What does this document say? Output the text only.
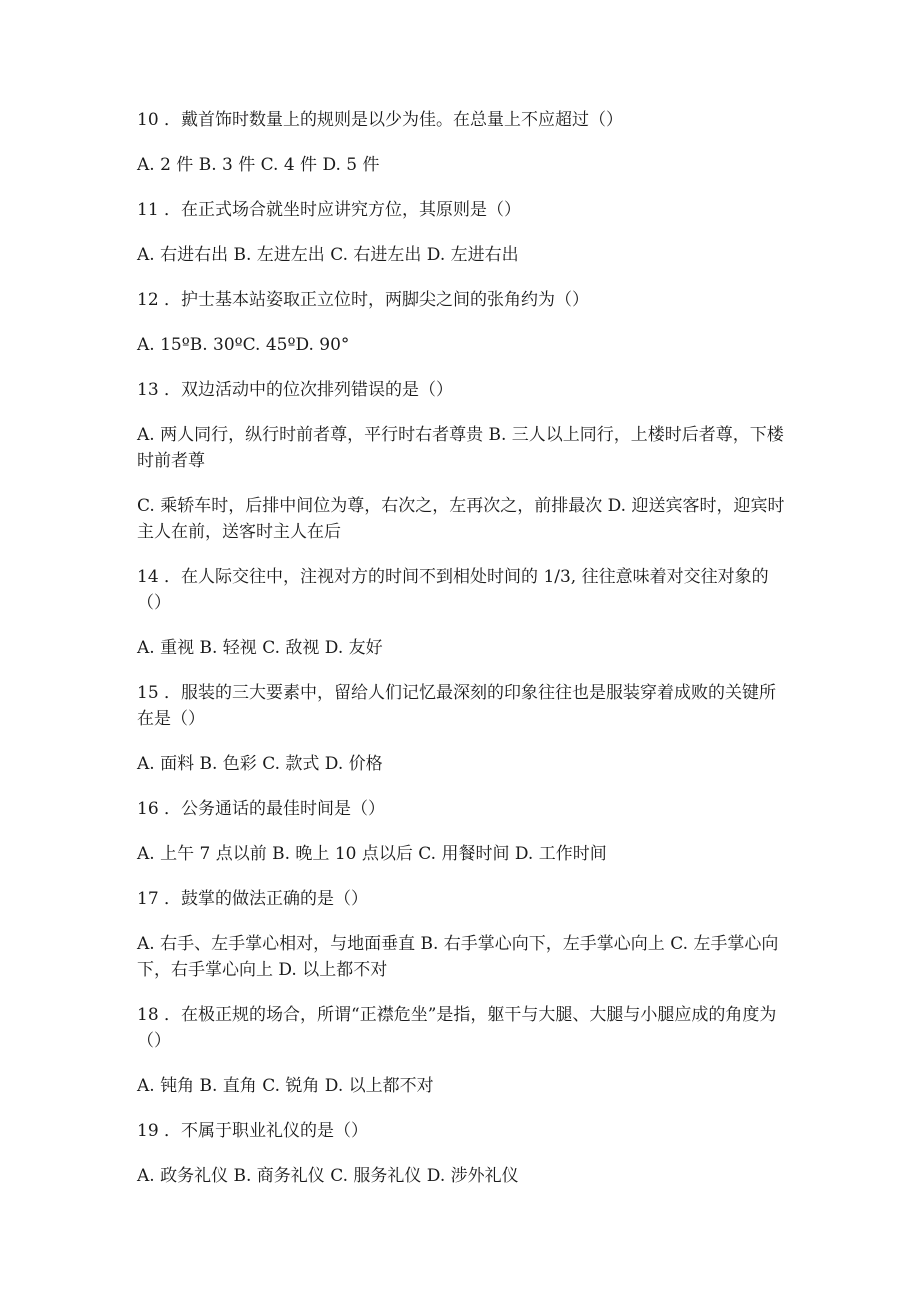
10 ．戴首饰时数量上的规则是以少为佳。在总量上不应超过（）

A. 2 件 B. 3 件 C. 4 件 D. 5 件

11 ．在正式场合就坐时应讲究方位，其原则是（）

A. 右进右出 B. 左进左出 C. 右进左出 D. 左进右出

12 ．护士基本站姿取正立位时，两脚尖之间的张角约为（）

A. 15ºB. 30ºC. 45ºD. 90°

13 ．双边活动中的位次排列错误的是（）

A. 两人同行，纵行时前者尊，平行时右者尊贵 B. 三人以上同行，上楼时后者尊，下楼时前者尊

C. 乘轿车时，后排中间位为尊，右次之，左再次之，前排最次 D. 迎送宾客时，迎宾时主人在前，送客时主人在后

14 ．在人际交往中，注视对方的时间不到相处时间的 1/3, 往往意味着对交往对象的（）

A. 重视 B. 轻视 C. 敌视 D. 友好

15 ．服装的三大要素中，留给人们记忆最深刻的印象往往也是服装穿着成败的关键所在是（）

A. 面料 B. 色彩 C. 款式 D. 价格

16 ．公务通话的最佳时间是（）

A. 上午 7 点以前 B. 晚上 10 点以后 C. 用餐时间 D. 工作时间

17 ．鼓掌的做法正确的是（）

A. 右手、左手掌心相对，与地面垂直 B. 右手掌心向下，左手掌心向上 C. 左手掌心向下，右手掌心向上 D. 以上都不对

18 ．在极正规的场合，所谓“正襟危坐”是指，躯干与大腿、大腿与小腿应成的角度为（）

A. 钝角 B. 直角 C. 锐角 D. 以上都不对

19 ．不属于职业礼仪的是（）

A. 政务礼仪 B. 商务礼仪 C. 服务礼仪 D. 涉外礼仪
